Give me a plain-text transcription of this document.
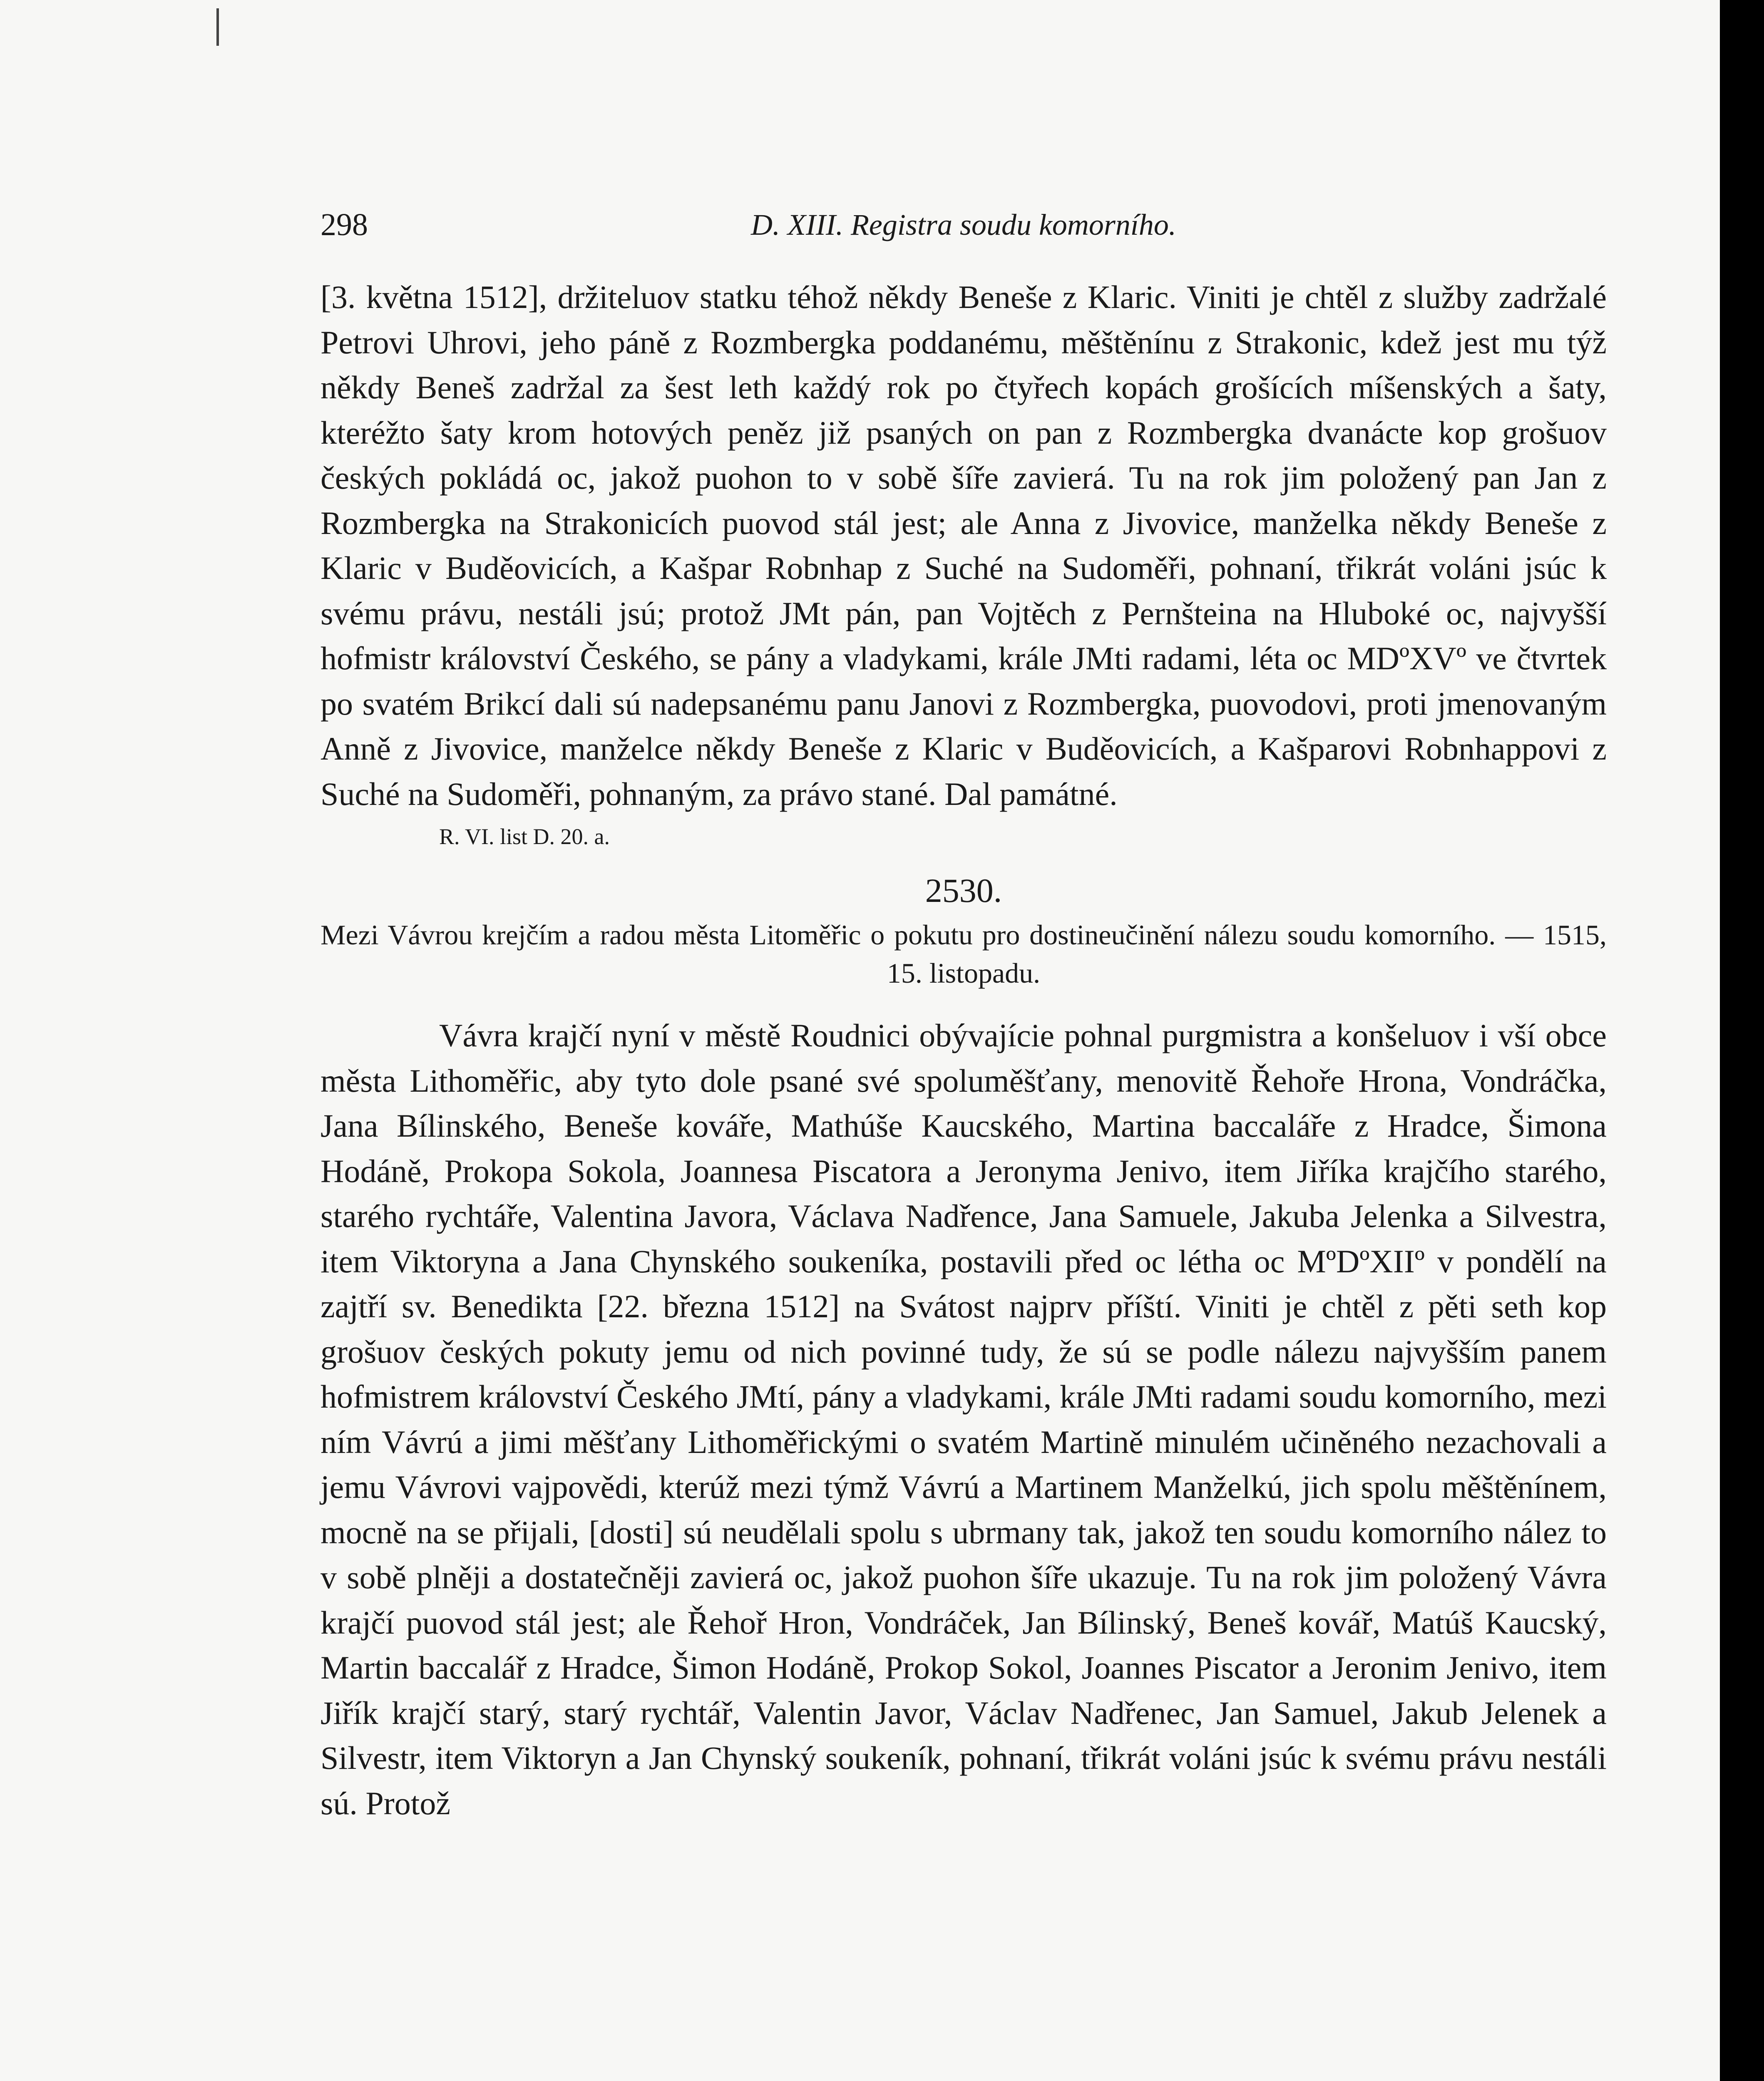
298	D. XIII. Registra soudu komorního.

[3. května 1512], držiteluov statku téhož někdy Beneše z Klaric. Viniti je chtěl z služby zadržalé Petrovi Uhrovi, jeho páně z Rozmbergka poddanému, měštěnínu z Strakonic, kdež jest mu týž někdy Beneš zadržal za šest leth každý rok po čtyřech kopách grošících míšenských a šaty, kteréžto šaty krom hotových peněz již psaných on pan z Rozmbergka dvanácte kop grošuov českých pokládá oc, jakož puohon to v sobě šíře zavierá. Tu na rok jim položený pan Jan z Rozmbergka na Strakonicích puovod stál jest; ale Anna z Jivovice, manželka někdy Beneše z Klaric v Buděovicích, a Kašpar Robnhap z Suché na Sudoměři, pohnaní, třikrát voláni jsúc k svému právu, nestáli jsú; protož JMt pán, pan Vojtěch z Pernšteina na Hluboké oc, najvyšší hofmistr království Českého, se pány a vladykami, krále JMti radami, léta oc MDºXVº ve čtvrtek po svatém Brikcí dali sú nadepsanému panu Janovi z Rozmbergka, puovodovi, proti jmenovaným Anně z Jivovice, manželce někdy Beneše z Klaric v Buděovicích, a Kašparovi Robnhappovi z Suché na Sudoměři, pohnaným, za právo stané. Dal památné.

R. VI. list D. 20. a.
2530.

Mezi Vávrou krejčím a radou města Litoměřic o pokutu pro dostineučinění nálezu soudu komorního. — 1515, 15. listopadu.

Vávra krajčí nyní v městě Roudnici obývajície pohnal purgmistra a konšeluov i vší obce města Lithoměřic, aby tyto dole psané své spoluměšťany, menovitě Řehoře Hrona, Vondráčka, Jana Bílinského, Beneše kováře, Mathúše Kaucského, Martina baccaláře z Hradce, Šimona Hodáně, Prokopa Sokola, Joannesa Piscatora a Jeronyma Jenivo, item Jiříka krajčího starého, starého rychtáře, Valentina Javora, Václava Nadřence, Jana Samuele, Jakuba Jelenka a Silvestra, item Viktoryna a Jana Chynského soukeníka, postavili před oc létha oc MºDºXIIº v pondělí na zajtří sv. Benedikta [22. března 1512] na Svátost najprv příští. Viniti je chtěl z pěti seth kop grošuov českých pokuty jemu od nich povinné tudy, že sú se podle nálezu najvyšším panem hofmistrem království Českého JMtí, pány a vladykami, krále JMti radami soudu komorního, mezi ním Vávrú a jimi měšťany Lithoměřickými o svatém Martině minulém učiněného nezachovali a jemu Vávrovi vajpovědi, kterúž mezi týmž Vávrú a Martinem Manželkú, jich spolu měštěnínem, mocně na se přijali, [dosti] sú neudělali spolu s ubrmany tak, jakož ten soudu komorního nález to v sobě plněji a dostatečněji zavierá oc, jakož puohon šíře ukazuje. Tu na rok jim položený Vávra krajčí puovod stál jest; ale Řehoř Hron, Vondráček, Jan Bílinský, Beneš kovář, Matúš Kaucský, Martin baccalář z Hradce, Šimon Hodáně, Prokop Sokol, Joannes Piscator a Jeronim Jenivo, item Jiřík krajčí starý, starý rychtář, Valentin Javor, Václav Nadřenec, Jan Samuel, Jakub Jelenek a Silvestr, item Viktoryn a Jan Chynský soukeník, pohnaní, třikrát voláni jsúc k svému právu nestáli sú. Protož
